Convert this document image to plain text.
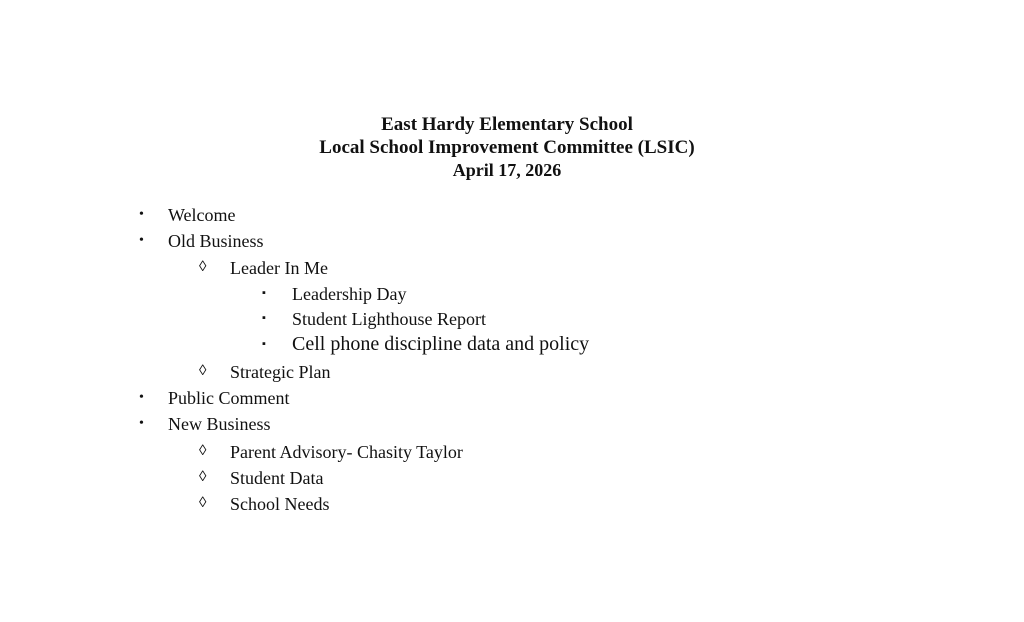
East Hardy Elementary School
Local School Improvement Committee (LSIC)
April 17, 2026
• Welcome
• Old Business
◊ Leader In Me
▪ Leadership Day
▪ Student Lighthouse Report
▪ Cell phone discipline data and policy
◊ Strategic Plan
• Public Comment
• New Business
◊ Parent Advisory- Chasity Taylor
◊ Student Data
◊ School Needs
